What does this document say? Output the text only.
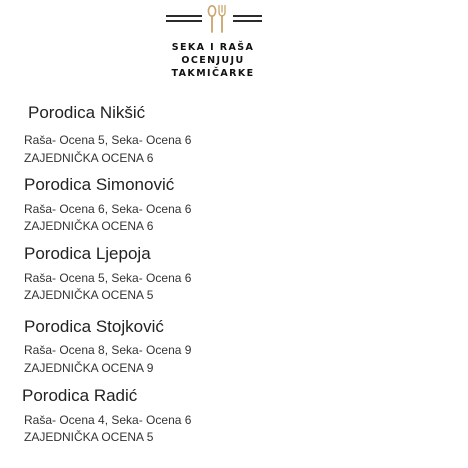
SEKA I RAŠA
OCENJUJU
TAKMIČARKE
Porodica Nikšić
Raša- Ocena 5, Seka- Ocena 6
ZAJEDNIČKA OCENA 6
Porodica Simonović
Raša- Ocena 6, Seka- Ocena 6
ZAJEDNIČKA OCENA 6
Porodica Ljepoja
Raša- Ocena 5, Seka- Ocena 6
ZAJEDNIČKA OCENA 5
Porodica Stojković
Raša- Ocena 8, Seka- Ocena 9
ZAJEDNIČKA OCENA 9
Porodica Radić
Raša- Ocena 4, Seka- Ocena 6
ZAJEDNIČKA OCENA 5
